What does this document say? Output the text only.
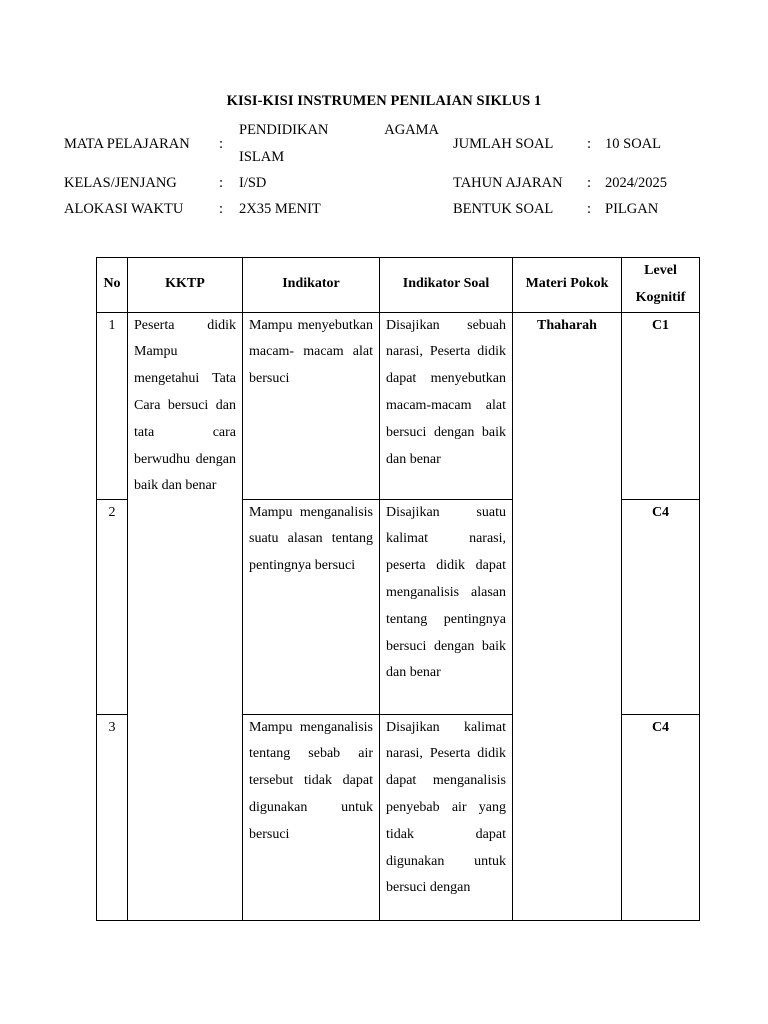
KISI-KISI INSTRUMEN PENILAIAN SIKLUS 1
MATA PELAJARAN :
PENDIDIKAN	AGAMA
ISLAM
KELAS/JENJANG	: I/SD
ALOKASI WAKTU : 2X35 MENIT
JUMLAH SOAL : 10 SOAL
TAHUN AJARAN : 2024/2025
BENTUK SOAL : PILGAN
No	KKTP	Indikator	Indikator Soal	Materi Pokok	Level
Kognitif
1	Peserta didik Mampu mengetahui Tata Cara bersuci dan tata cara berwudhu dengan baik dan benar	Mampu menyebutkan macam- macam alat bersuci	Disajikan sebuah narasi, Peserta didik dapat menyebutkan macam-macam alat bersuci dengan baik dan benar	Thaharah	C1
2		Mampu menganalisis suatu alasan tentang pentingnya bersuci	Disajikan suatu kalimat narasi, peserta didik dapat menganalisis alasan tentang pentingnya bersuci dengan baik dan benar		C4
3		Mampu menganalisis tentang sebab air tersebut tidak dapat digunakan untuk bersuci	Disajikan kalimat narasi, Peserta didik dapat menganalisis penyebab air yang tidak dapat digunakan untuk bersuci dengan		C4
